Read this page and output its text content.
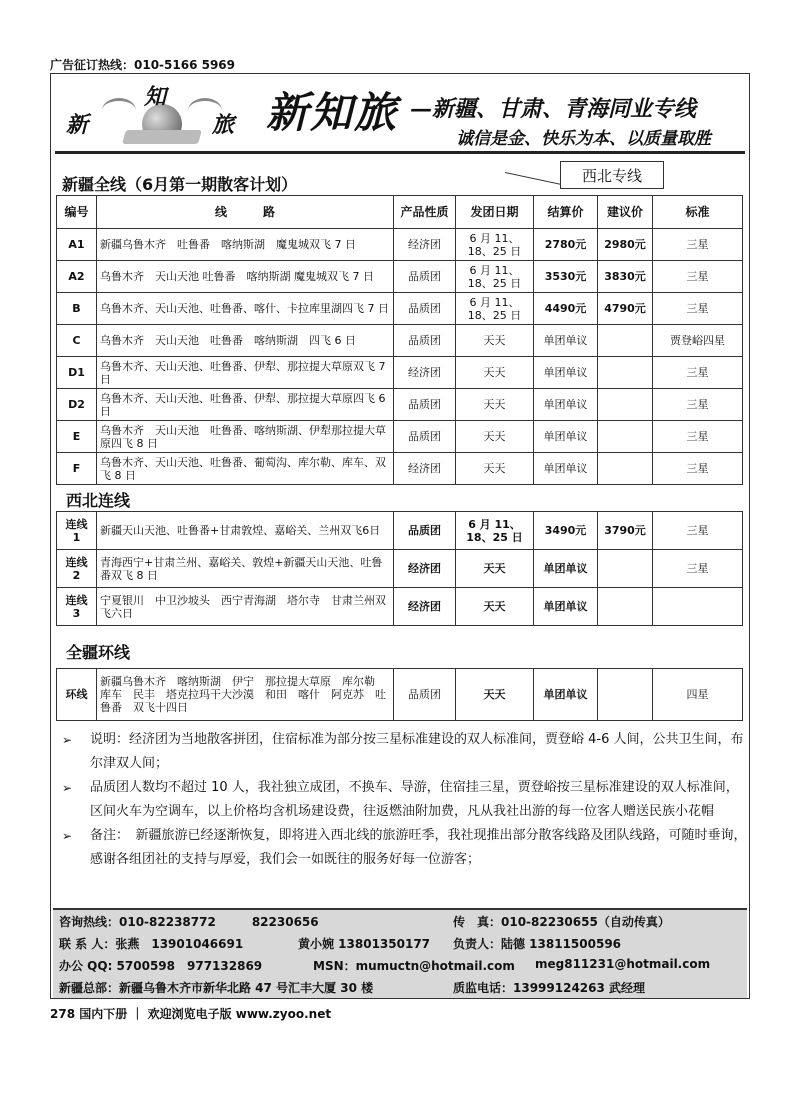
广告征订热线：010-5166 5969
新
知
旅 新知旅 —新疆、甘肃、青海同业专线
诚信是金、快乐为本、以质量取胜
西北专线
新疆全线（6月第一期散客计划）
编号	线　　　路	产品性质	发团日期	结算价	建议价	标准
A1	新疆乌鲁木齐　吐鲁番　喀纳斯湖　魔鬼城双飞 7 日	经济团	6 月 11、18、25 日	2780元	2980元	三星
A2	乌鲁木齐　天山天池 吐鲁番　喀纳斯湖 魔鬼城双飞 7 日	品质团	6 月 11、18、25 日	3530元	3830元	三星
B	乌鲁木齐、天山天池、吐鲁番、喀什、卡拉库里湖四飞 7 日	品质团	6 月 11、18、25 日	4490元	4790元	三星
C	乌鲁木齐　天山天池　吐鲁番　喀纳斯湖　四飞 6 日	品质团	天天	单团单议		贾登峪四星
D1	乌鲁木齐、天山天池、吐鲁番、伊犁、那拉提大草原双飞 7 日	经济团	天天	单团单议		三星
D2	乌鲁木齐、天山天池、吐鲁番、伊犁、那拉提大草原四飞 6 日	品质团	天天	单团单议		三星
E	乌鲁木齐　天山天池　吐鲁番、喀纳斯湖、伊犁那拉提大草原四飞 8 日	品质团	天天	单团单议		三星
F	乌鲁木齐、天山天池、吐鲁番、葡萄沟、库尔勒、库车、双飞 8 日	经济团	天天	单团单议		三星
西北连线
连线 1	新疆天山天池、吐鲁番+甘肃敦煌、嘉峪关、兰州双飞6日	品质团	6 月 11、18、25 日	3490元	3790元	三星
连线 2	青海西宁+甘肃兰州、嘉峪关、敦煌+新疆天山天池、吐鲁番双飞 8 日	经济团	天天	单团单议		三星
连线 3	宁夏银川　中卫沙坡头　西宁青海湖　塔尔寺　甘肃兰州双飞六日	经济团	天天	单团单议		
全疆环线
环线	新疆乌鲁木齐　喀纳斯湖　伊宁　那拉提大草原　库尔勒　库车　民丰　塔克拉玛干大沙漠　和田　喀什　阿克苏　吐鲁番　双飞十四日	品质团	天天	单团单议		四星
➢ 说明：经济团为当地散客拼团，住宿标准为部分按三星标准建设的双人标准间，贾登峪 4-6 人间，公共卫生间，布尔津双人间；
➢ 品质团人数均不超过 10 人，我社独立成团，不换车、导游，住宿挂三星，贾登峪按三星标准建设的双人标准间，区间火车为空调车，以上价格均含机场建设费，往返燃油附加费，凡从我社出游的每一位客人赠送民族小花帽
➢ 备注：　新疆旅游已经逐渐恢复，即将进入西北线的旅游旺季，我社现推出部分散客线路及团队线路，可随时垂询，感谢各组团社的支持与厚爱，我们会一如既往的服务好每一位游客；
咨询热线：010-82238772　　　82230656	传　真：010-82230655（自动传真）
联 系 人：张燕　13901046691	黄小婉 13801350177 负责人：陆德 13811500596
办公 QQ: 5700598　977132869	MSN：mumuctn@hotmail.com meg811231@hotmail.com
新疆总部：新疆乌鲁木齐市新华北路 47 号汇丰大厦 30 楼	质监电话：13999124263 武经理
278 国内下册 ｜ 欢迎浏览电子版 www.zyoo.net
